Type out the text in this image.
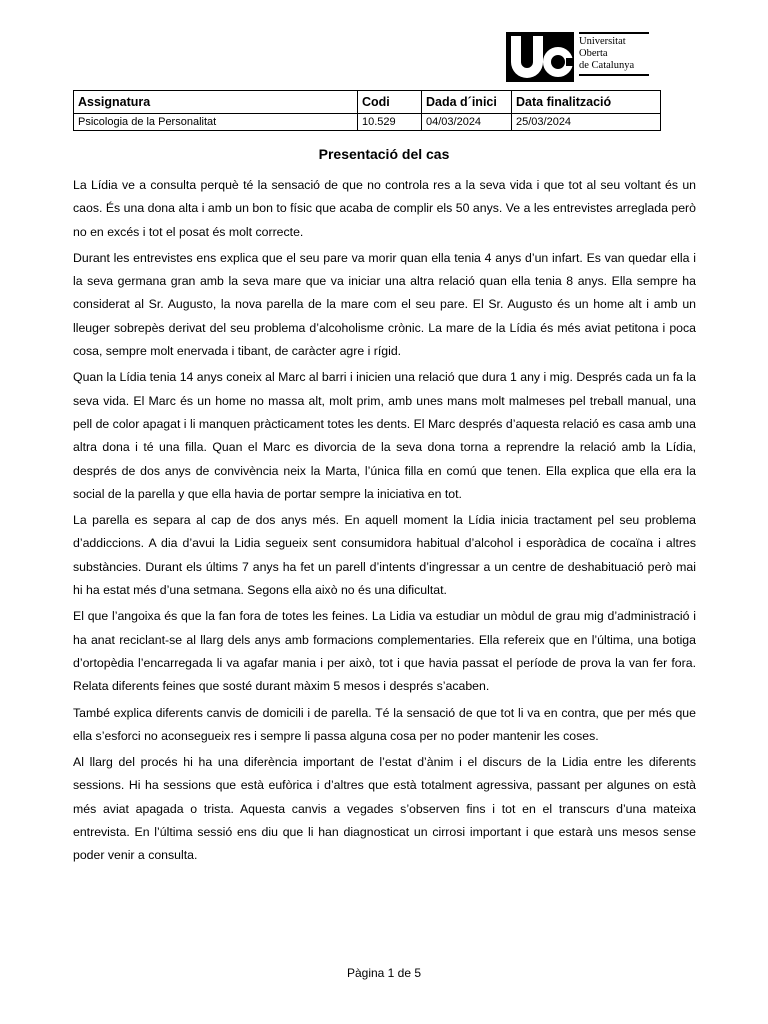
Universitat
Oberta
de Catalunya
Assignatura	Codi	Dada d´inici	Data finalització
Psicologia de la Personalitat	10.529	04/03/2024	25/03/2024
Presentació del cas

La Lídia ve a consulta perquè té la sensació de que no controla res a la seva vida i que tot al seu voltant és un caos. És una dona alta i amb un bon to físic que acaba de complir els 50 anys. Ve a les entrevistes arreglada però no en excés i tot el posat és molt correcte.

Durant les entrevistes ens explica que el seu pare va morir quan ella tenia 4 anys d’un infart. Es van quedar ella i la seva germana gran amb la seva mare que va iniciar una altra relació quan ella tenia 8 anys. Ella sempre ha considerat al Sr. Augusto, la nova parella de la mare com el seu pare. El Sr. Augusto és un home alt i amb un lleuger sobrepès derivat del seu problema d’alcoholisme crònic. La mare de la Lídia és més aviat petitona i poca cosa, sempre molt enervada i tibant, de caràcter agre i rígid.

Quan la Lídia tenia 14 anys coneix al Marc al barri i inicien una relació que dura 1 any i mig. Després cada un fa la seva vida. El Marc és un home no massa alt, molt prim, amb unes mans molt malmeses pel treball manual, una pell de color apagat i li manquen pràcticament totes les dents. El Marc després d’aquesta relació es casa amb una altra dona i té una filla. Quan el Marc es divorcia de la seva dona torna a reprendre la relació amb la Lídia, després de dos anys de convivència neix la Marta, l’única filla en comú que tenen. Ella explica que ella era la social de la parella y que ella havia de portar sempre la iniciativa en tot.

La parella es separa al cap de dos anys més. En aquell moment la Lídia inicia tractament pel seu problema d’addiccions. A dia d’avui la Lidia segueix sent consumidora habitual d’alcohol i esporàdica de cocaïna i altres substàncies. Durant els últims 7 anys ha fet un parell d’intents d’ingressar a un centre de deshabituació però mai hi ha estat més d’una setmana. Segons ella això no és una dificultat.

El que l’angoixa és que la fan fora de totes les feines. La Lidia va estudiar un mòdul de grau mig d’administració i ha anat reciclant-se al llarg dels anys amb formacions complementaries. Ella refereix que en l’última, una botiga d’ortopèdia l’encarregada li va agafar mania i per això, tot i que havia passat el període de prova la van fer fora. Relata diferents feines que sosté durant màxim 5 mesos i després s’acaben.

També explica diferents canvis de domicili i de parella. Té la sensació de que tot li va en contra, que per més que ella s’esforci no aconsegueix res i sempre li passa alguna cosa per no poder mantenir les coses.

Al llarg del procés hi ha una diferència important de l’estat d’ànim i el discurs de la Lidia entre les diferents sessions. Hi ha sessions que està eufòrica i d’altres que està totalment agressiva, passant per algunes on està més aviat apagada o trista. Aquesta canvis a vegades s’observen fins i tot en el transcurs d’una mateixa entrevista. En l’última sessió ens diu que li han diagnosticat un cirrosi important i que estarà uns mesos sense poder venir a consulta.

Pàgina 1 de 5
